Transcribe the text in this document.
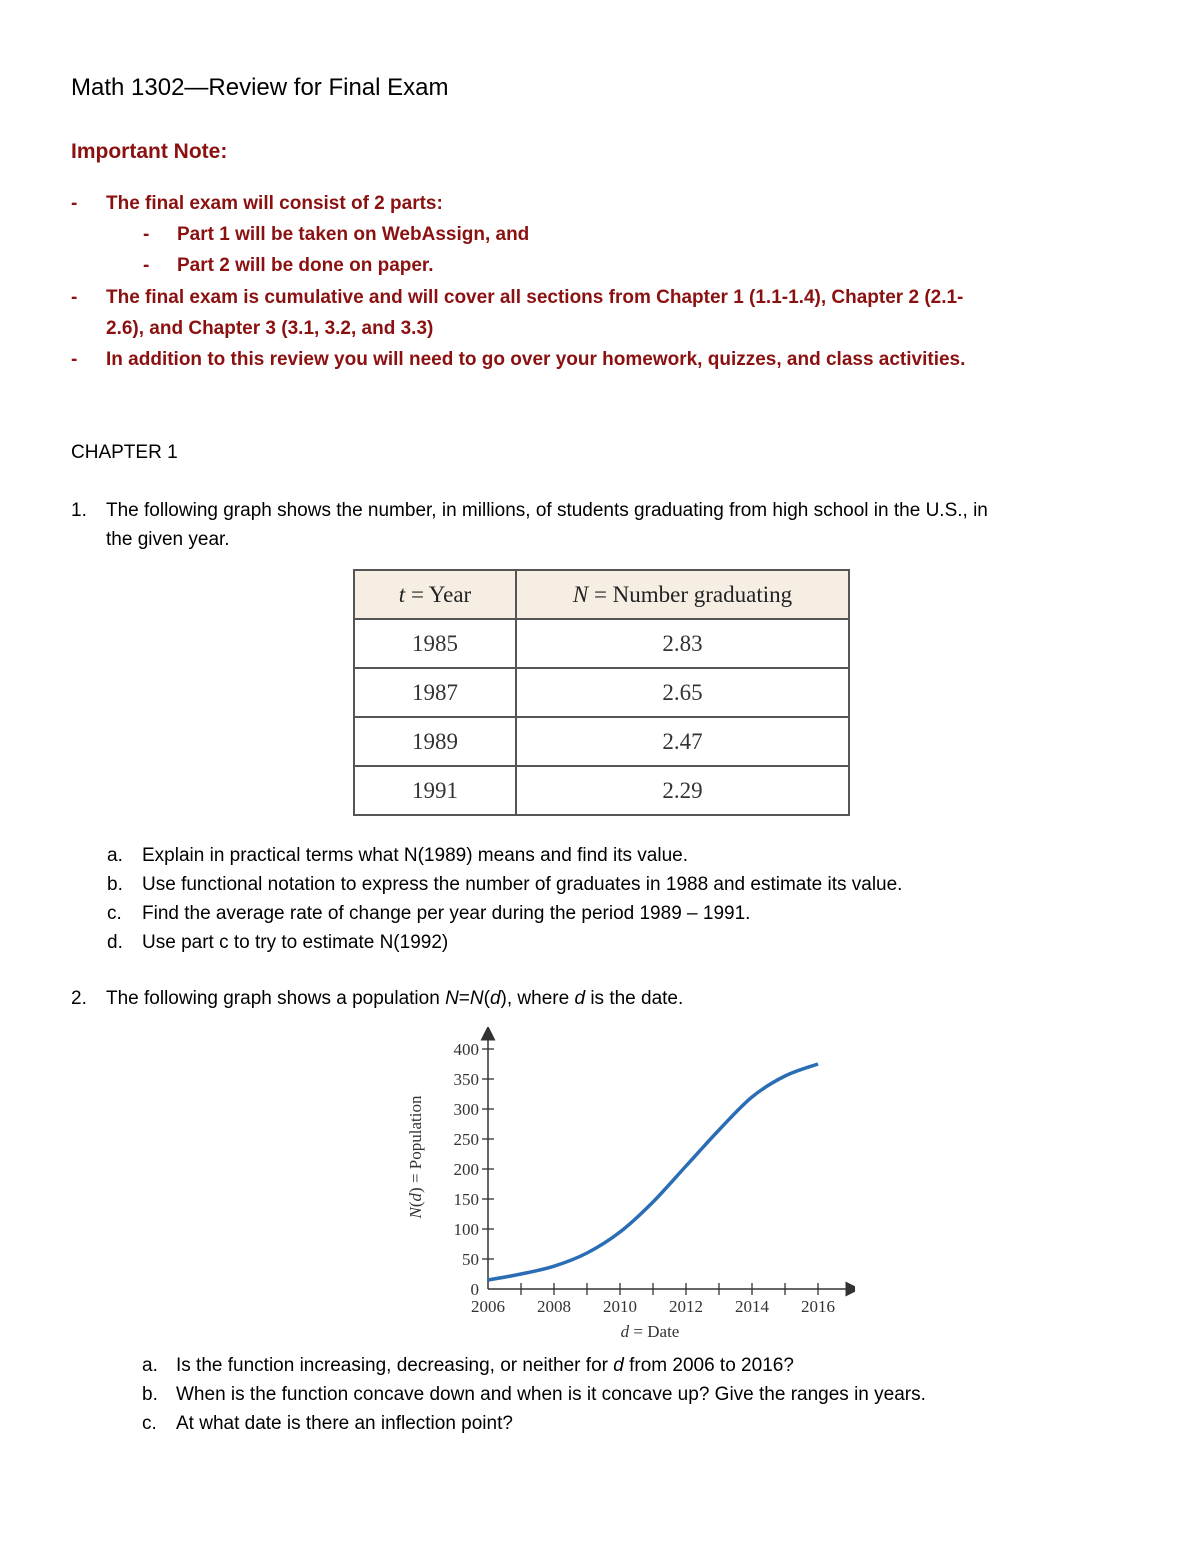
Math 1302—Review for Final Exam
Important Note:
- The final exam will consist of 2 parts:
- Part 1 will be taken on WebAssign, and
- Part 2 will be done on paper.
- The final exam is cumulative and will cover all sections from Chapter 1 (1.1-1.4), Chapter 2 (2.1-
2.6), and Chapter 3 (3.1, 3.2, and 3.3)
- In addition to this review you will need to go over your homework, quizzes, and class activities.
CHAPTER 1
1. The following graph shows the number, in millions, of students graduating from high school in the U.S., in
the given year.
t = Year	N = Number graduating
1985	2.83
1987	2.65
1989	2.47
1991	2.29
a. Explain in practical terms what N(1989) means and find its value.
b. Use functional notation to express the number of graduates in 1988 and estimate its value.
c. Find the average rate of change per year during the period 1989 – 1991.
d. Use part c to try to estimate N(1992)
2. The following graph shows a population N=N(d), where d is the date.
0
50
100
150
200
250
300
350
400
2006 2008 2010 2012 2014 2016
N(d) = Population
d = Date
a. Is the function increasing, decreasing, or neither for d from 2006 to 2016?
b. When is the function concave down and when is it concave up? Give the ranges in years.
c. At what date is there an inflection point?
